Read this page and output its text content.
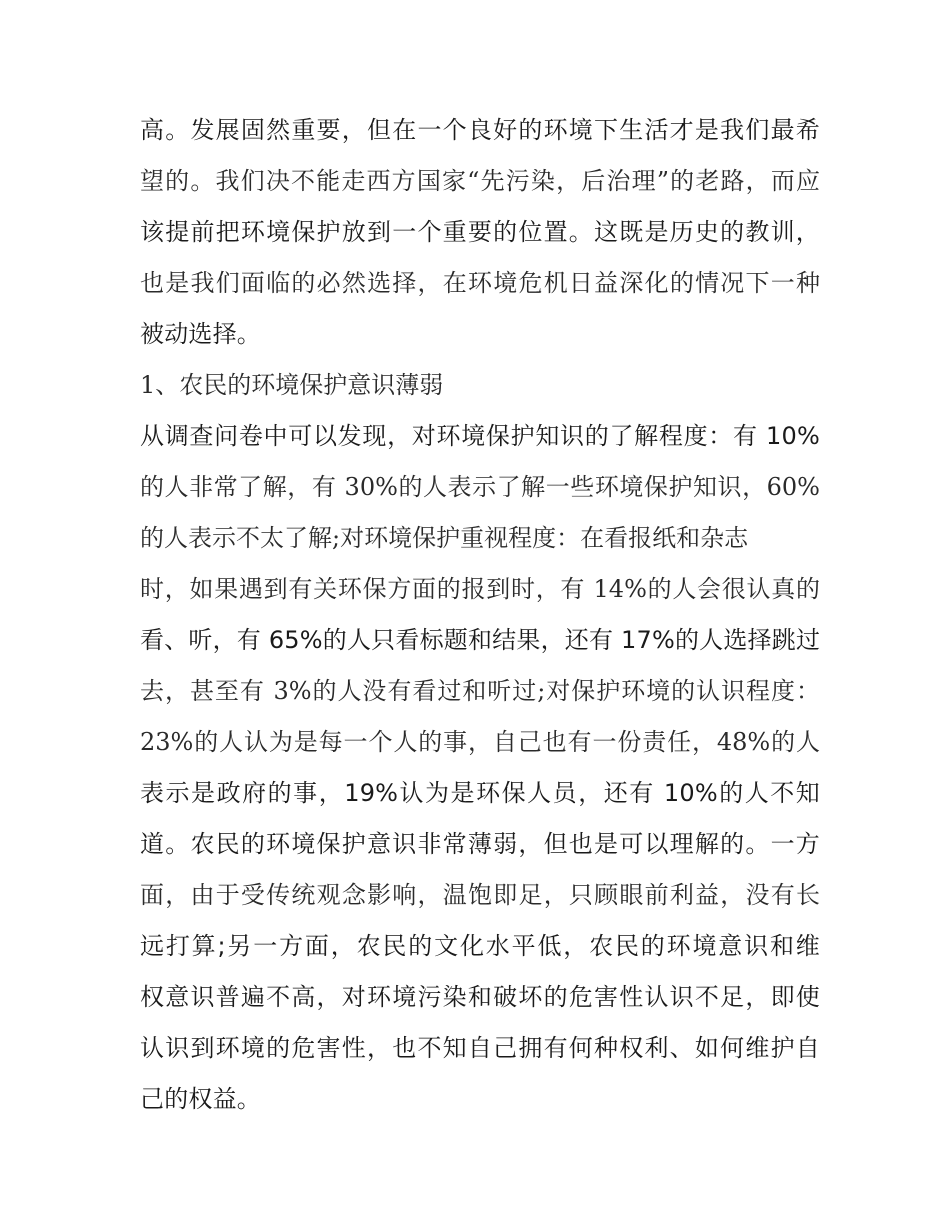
高。发展固然重要，但在一个良好的环境下生活才是我们最希
望的。我们决不能走西方国家“先污染，后治理”的老路，而应
该提前把环境保护放到一个重要的位置。这既是历史的教训，
也是我们面临的必然选择，在环境危机日益深化的情况下一种
被动选择。
1、农民的环境保护意识薄弱
从调查问卷中可以发现，对环境保护知识的了解程度：有 10%
的人非常了解，有 30%的人表示了解一些环境保护知识，60%
的人表示不太了解;对环境保护重视程度：在看报纸和杂志
时，如果遇到有关环保方面的报到时，有 14%的人会很认真的
看、听，有 65%的人只看标题和结果，还有 17%的人选择跳过
去，甚至有 3%的人没有看过和听过;对保护环境的认识程度：
23%的人认为是每一个人的事，自己也有一份责任，48%的人
表示是政府的事，19%认为是环保人员，还有 10%的人不知
道。农民的环境保护意识非常薄弱，但也是可以理解的。一方
面，由于受传统观念影响，温饱即足，只顾眼前利益，没有长
远打算;另一方面，农民的文化水平低，农民的环境意识和维
权意识普遍不高，对环境污染和破坏的危害性认识不足，即使
认识到环境的危害性，也不知自己拥有何种权利、如何维护自
己的权益。
